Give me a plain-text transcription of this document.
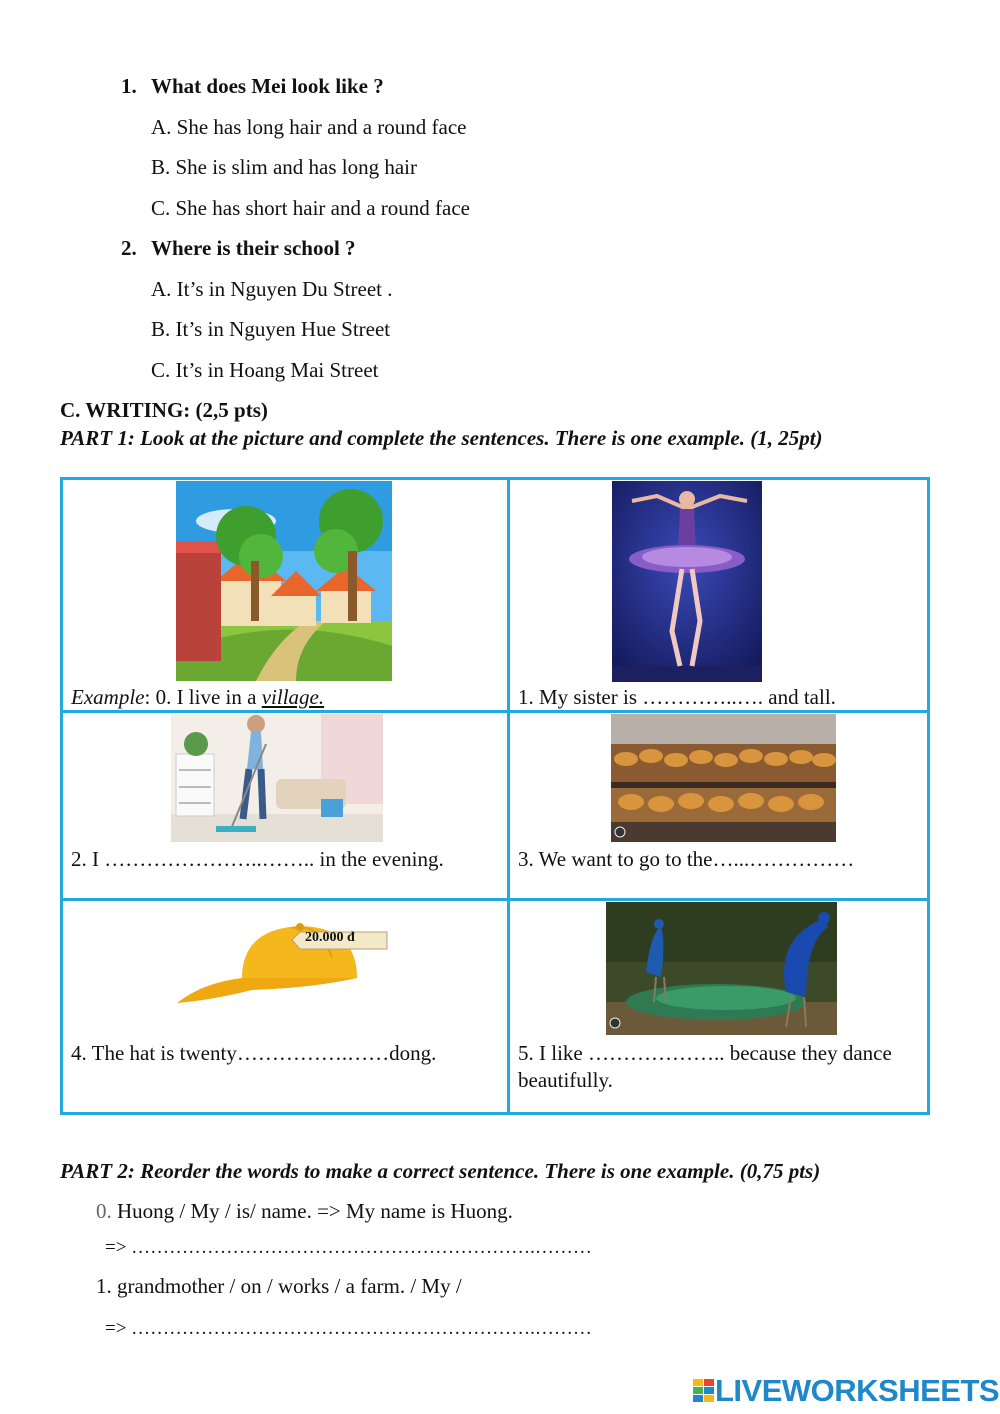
1. What does Mei look like ?
A. She has long hair and a round face
B. She is slim and has long hair
C. She has short hair and a round face
2. Where is their school ?
A. It’s in Nguyen Du Street .
B. It’s in Nguyen Hue Street
C. It’s in Hoang Mai Street
C. WRITING: (2,5 pts)
PART 1: Look at the picture and complete the sentences. There is one example. (1, 25pt)
20.000 đ
Example: 0. I live in a village.	1. My sister is …………..…. and tall.
2. I …………………..…….. in the evening.	3. We want to go to the…...……………
4. The hat is twenty…………….……dong.	5. I like ……………….. because they dance
beautifully.
PART 2: Reorder the words to make a correct sentence. There is one example. (0,75 pts)
0. Huong / My / is/ name. => My name is Huong.
=> ……………………………………………………….………
1. grandmother / on / works / a farm. / My /
=> ……………………………………………………….………
LIVEWORKSHEETS
